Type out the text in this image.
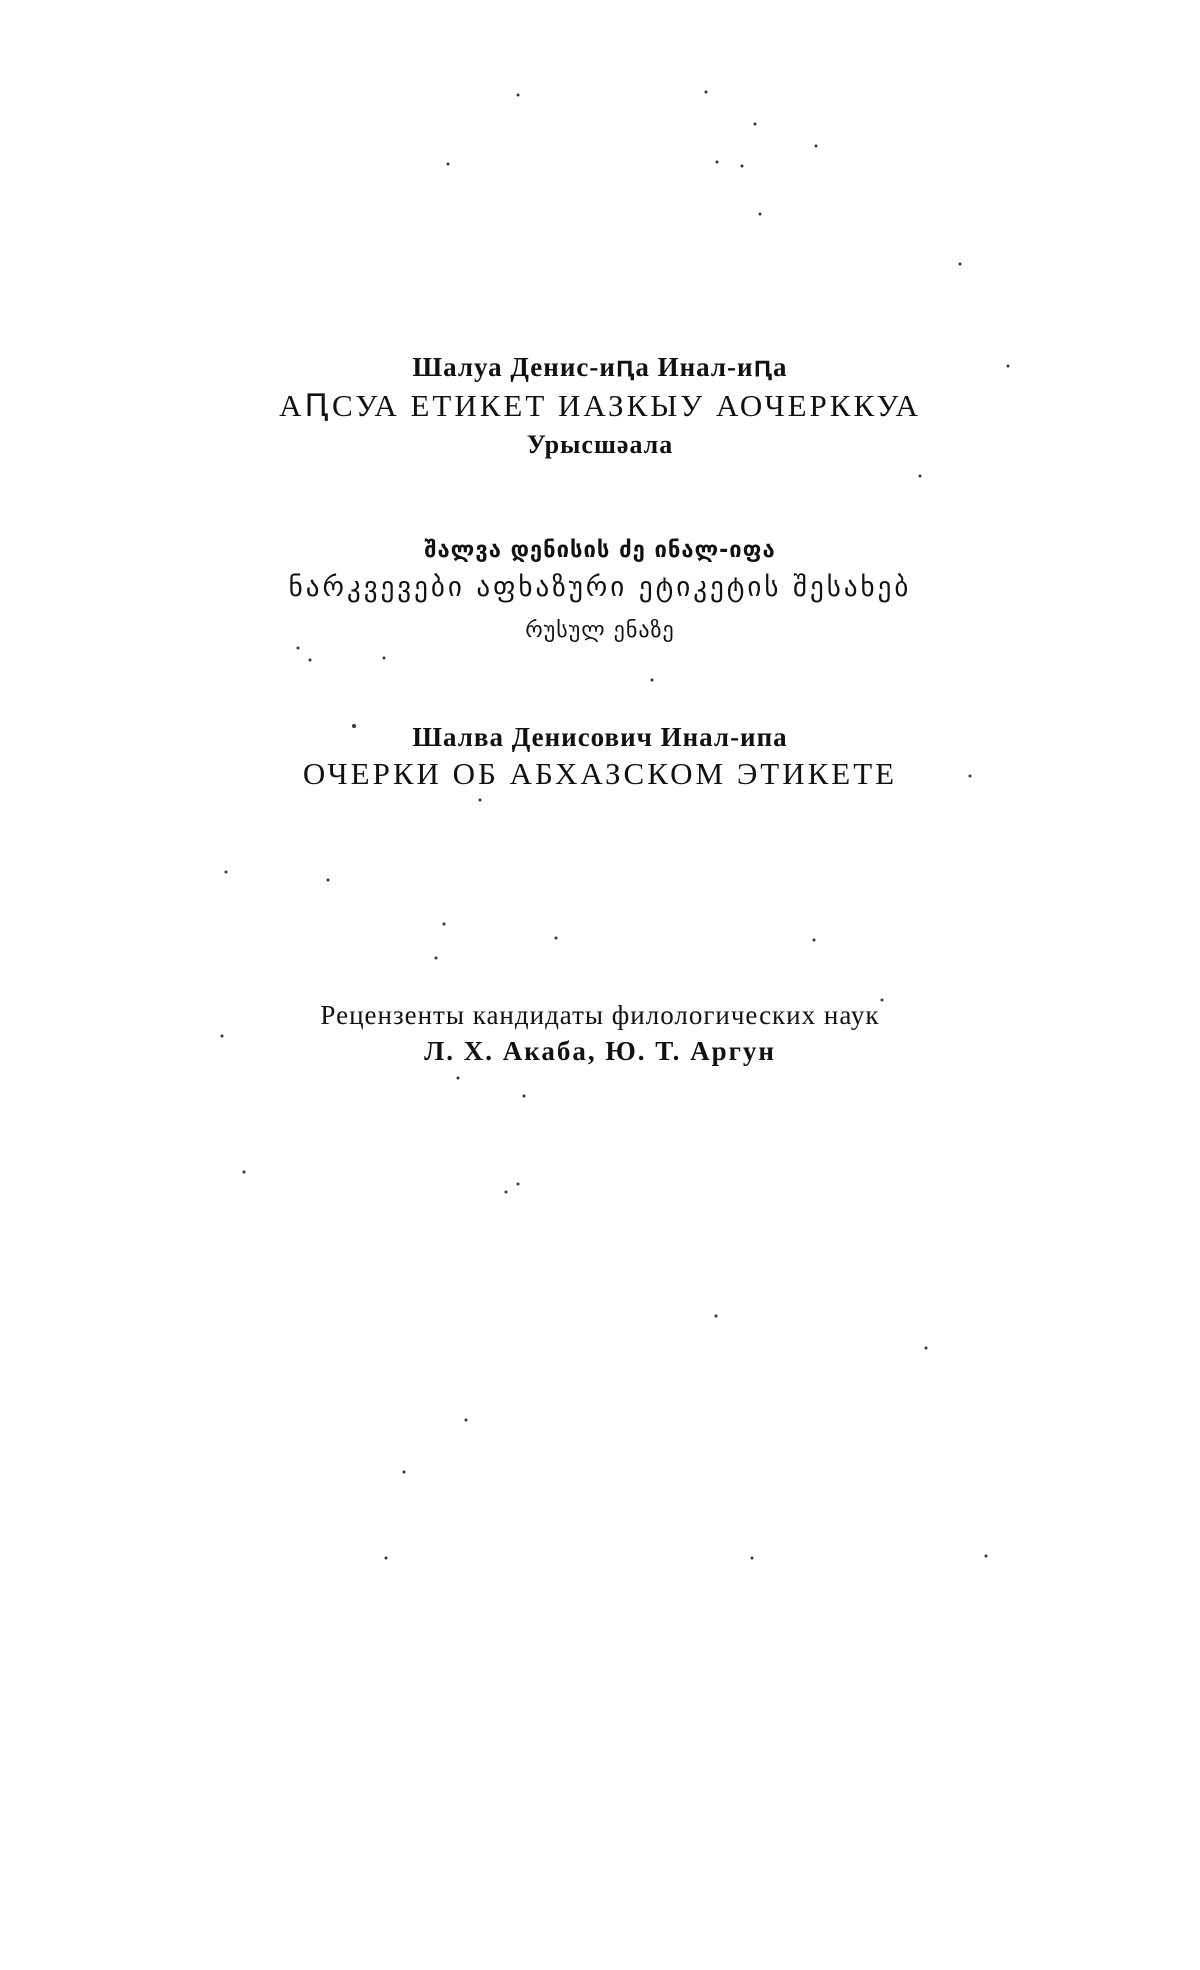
Шалуа Денис-иԥа Инал-иԥа
АԤСУА ЕТИКЕТ ИАЗКЫУ АОЧЕРККУА
Урысшәала
შალვა დენისის ძე ინალ-იფა
ნარკვევები აფხაზური ეტიკეტის შესახებ
რუსულ ენაზე
Шалва Денисович Инал-ипа
ОЧЕРКИ ОБ АБХАЗСКОМ ЭТИКЕТЕ
Рецензенты кандидаты филологических наук
Л. Х. Акаба, Ю. Т. Аргун
